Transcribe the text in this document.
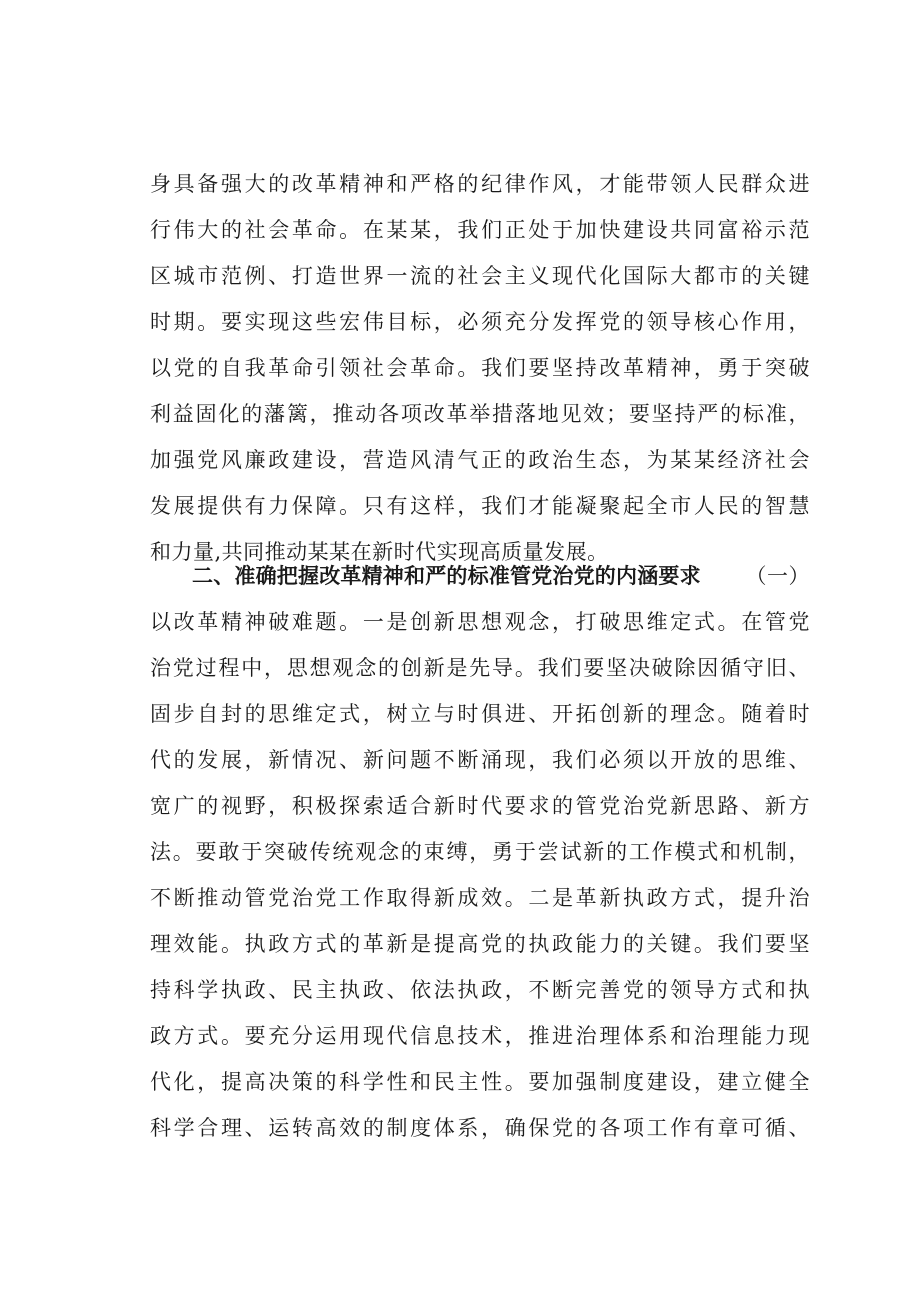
身具备强大的改革精神和严格的纪律作风，才能带领人民群众进
行伟大的社会革命。在某某，我们正处于加快建设共同富裕示范
区城市范例、打造世界一流的社会主义现代化国际大都市的关键
时期。要实现这些宏伟目标，必须充分发挥党的领导核心作用，
以党的自我革命引领社会革命。我们要坚持改革精神，勇于突破
利益固化的藩篱，推动各项改革举措落地见效；要坚持严的标准，
加强党风廉政建设，营造风清气正的政治生态，为某某经济社会
发展提供有力保障。只有这样，我们才能凝聚起全市人民的智慧
和力量,共同推动某某在新时代实现高质量发展。
二、准确把握改革精神和严的标准管党治党的内涵要求 （一）
以改革精神破难题。一是创新思想观念，打破思维定式。在管党
治党过程中，思想观念的创新是先导。我们要坚决破除因循守旧、
固步自封的思维定式，树立与时俱进、开拓创新的理念。随着时
代的发展，新情况、新问题不断涌现，我们必须以开放的思维、
宽广的视野，积极探索适合新时代要求的管党治党新思路、新方
法。要敢于突破传统观念的束缚，勇于尝试新的工作模式和机制，
不断推动管党治党工作取得新成效。二是革新执政方式，提升治
理效能。执政方式的革新是提高党的执政能力的关键。我们要坚
持科学执政、民主执政、依法执政，不断完善党的领导方式和执
政方式。要充分运用现代信息技术，推进治理体系和治理能力现
代化，提高决策的科学性和民主性。要加强制度建设，建立健全
科学合理、运转高效的制度体系，确保党的各项工作有章可循、
